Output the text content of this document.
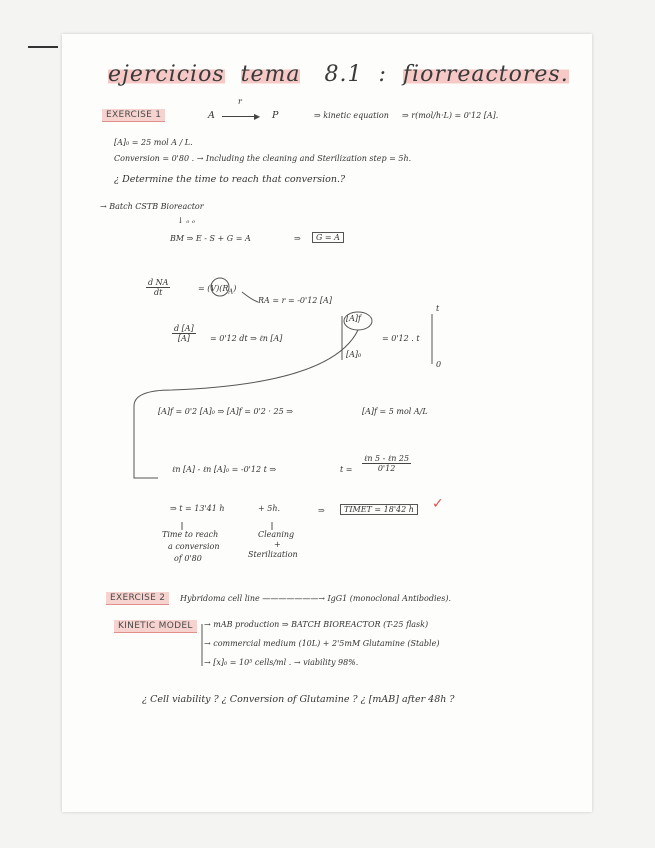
ejercicios tema 8.1 : fiorreactores.
EXERCISE 1	A
r
▶ P	⇒ kinetic equation ⇒ r(mol/h·L) = 0'12 [A].
[A]₀ = 25 mol A / L.
Conversion = 0'80 . → Including the cleaning and Sterilization step = 5h.
¿ Determine the time to reach that conversion.?
→ Batch CSTB Bioreactor
↓ ₒ ₒ
BM ⇒ E - S + G = A	⇒	G = A
$\frac{\text{d NA}}{dt}$	= $(V)(R_A)$
RA = r = -0'12 [A]
$\frac{d [A]}{[A]} = 0'12$ dt ⇒ ℓn [A]
[A]f
[A]₀
= 0'12 . t
t
0
[A]f = 0'2 [A]₀ ⇒ [A]f = 0'2 · 25 ⇒	[A]f = 5 mol A/L
ℓn [A] - ℓn [A]₀ = -0'12 t ⇒	$t = \frac{\text{ℓn 5 - ℓn 25}}{0'12}$
⇒ t = 13'41 h	+ 5h.	⇒	TIMET = 18'42 h ✓
Time to reach
a conversion
of 0'80
Cleaning
+
Sterilization
EXERCISE 2	Hybridoma cell line ———————→ IgG1 (monoclonal Antibodies).
KINETIC MODEL	→ mAB production ⇒ BATCH BIOREACTOR (T-25 flask)
→ commercial medium (10L) + 2'5mM Glutamine (Stable)
→ [x]₀ = 10⁵ cells/ml . → viability 98%.
¿ Cell viability ? ¿ Conversion of Glutamine ? ¿ [mAB] after 48h ?
